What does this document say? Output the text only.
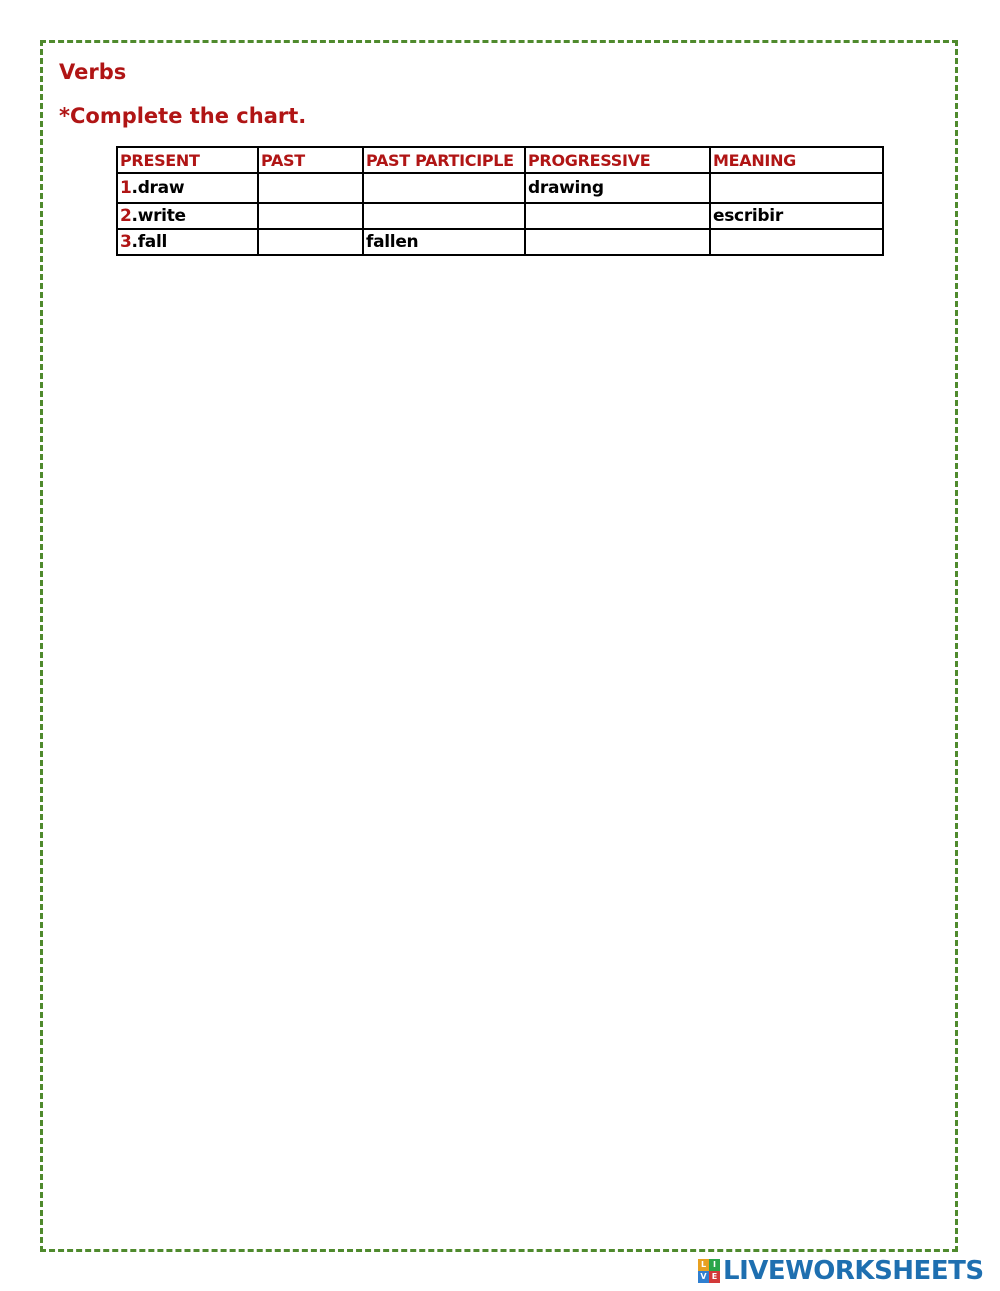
Verbs
*Complete the chart.
PRESENT	PAST	PAST PARTICIPLE	PROGRESSIVE	MEANING
1.draw			drawing	
2.write				escribir
3.fall		fallen		
L I
V E LIVEWORKSHEETS
